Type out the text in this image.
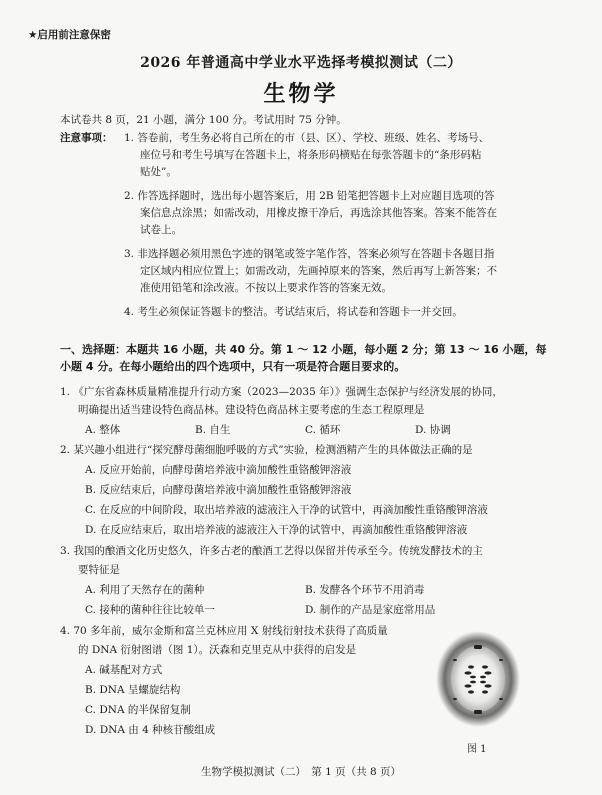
★启用前注意保密
2026 年普通高中学业水平选择考模拟测试（二）
生物学
本试卷共 8 页，21 小题，满分 100 分。考试用时 75 分钟。
注意事项： 1. 答卷前，考生务必将自己所在的市（县、区）、学校、班级、姓名、考场号、
座位号和考生号填写在答题卡上，将条形码横贴在每张答题卡的“条形码粘
贴处”。
2. 作答选择题时，选出每小题答案后，用 2B 铅笔把答题卡上对应题目选项的答
案信息点涂黑；如需改动，用橡皮擦干净后，再选涂其他答案。答案不能答在
试卷上。
3. 非选择题必须用黑色字迹的钢笔或签字笔作答，答案必须写在答题卡各题目指
定区域内相应位置上；如需改动，先画掉原来的答案，然后再写上新答案；不
准使用铅笔和涂改液。不按以上要求作答的答案无效。
4. 考生必须保证答题卡的整洁。考试结束后，将试卷和答题卡一并交回。
一、选择题：本题共 16 小题，共 40 分。第 1 ～ 12 小题，每小题 2 分；第 13 ～ 16 小题，每
小题 4 分。在每小题给出的四个选项中，只有一项是符合题目要求的。
1. 《广东省森林质量精准提升行动方案（2023—2035 年）》强调生态保护与经济发展的协同，
明确提出适当建设特色商品林。建设特色商品林主要考虑的生态工程原理是
A. 整体	B. 自生	C. 循环	D. 协调
2. 某兴趣小组进行“探究酵母菌细胞呼吸的方式”实验，检测酒精产生的具体做法正确的是
A. 反应开始前，向酵母菌培养液中滴加酸性重铬酸钾溶液
B. 反应结束后，向酵母菌培养液中滴加酸性重铬酸钾溶液
C. 在反应的中间阶段，取出培养液的滤液注入干净的试管中，再滴加酸性重铬酸钾溶液
D. 在反应结束后，取出培养液的滤液注入干净的试管中，再滴加酸性重铬酸钾溶液
3. 我国的酿酒文化历史悠久，许多古老的酿酒工艺得以保留并传承至今。传统发酵技术的主
要特征是
A. 利用了天然存在的菌种	B. 发酵各个环节不用消毒
C. 接种的菌种往往比较单一	D. 制作的产品是家庭常用品
4. 70 多年前，威尔金斯和富兰克林应用 X 射线衍射技术获得了高质量
的 DNA 衍射图谱（图 1）。沃森和克里克从中获得的启发是
A. 碱基配对方式
B. DNA 呈螺旋结构
C. DNA 的半保留复制
D. DNA 由 4 种核苷酸组成
图 1
生物学模拟测试（二）　第 1 页（共 8 页）
